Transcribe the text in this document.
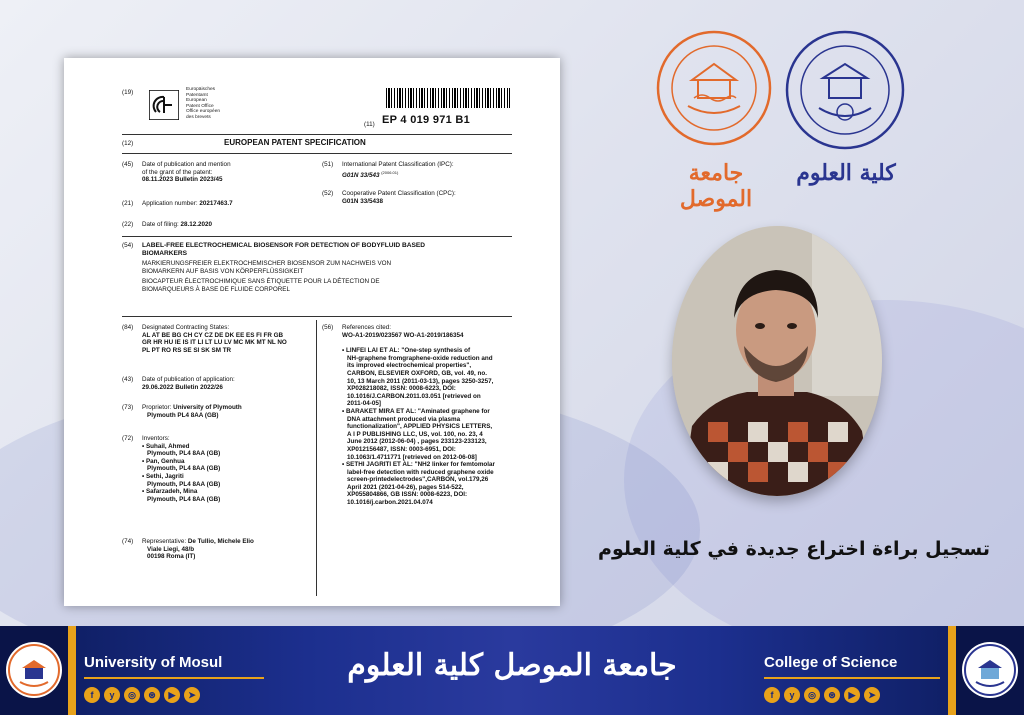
(19)	Europäisches
Patentamt
European
Patent Office
Office européen
des brevets
(11) EP 4 019 971 B1
(12)	EUROPEAN PATENT SPECIFICATION
(45) Date of publication and mention
of the grant of the patent:
08.11.2023 Bulletin 2023/45
(51) International Patent Classification (IPC):
G01N 33/543 $^{(2006.01)}$
(52) Cooperative Patent Classification (CPC):
G01N 33/5438
(21) Application number: 20217463.7
(22) Date of filing: 28.12.2020
(54) LABEL-FREE ELECTROCHEMICAL BIOSENSOR FOR DETECTION OF BODYFLUID BASED
BIOMARKERS
MARKIERUNGSFREIER ELEKTROCHEMISCHER BIOSENSOR ZUM NACHWEIS VON
BIOMARKERN AUF BASIS VON KÖRPERFLÜSSIGKEIT
BIOCAPTEUR ÉLECTROCHIMIQUE SANS ÉTIQUETTE POUR LA DÉTECTION DE
BIOMARQUEURS À BASE DE FLUIDE CORPOREL
(84) Designated Contracting States:
AL AT BE BG CH CY CZ DE DK EE ES FI FR GB
GR HR HU IE IS IT LI LT LU LV MC MK MT NL NO
PL PT RO RS SE SI SK SM TR
(43) Date of publication of application:
29.06.2022 Bulletin 2022/26
(73) Proprietor: University of Plymouth
Plymouth PL4 8AA (GB)
(72) Inventors:
• Suhail, Ahmed
Plymouth, PL4 8AA (GB)
• Pan, Genhua
Plymouth, PL4 8AA (GB)
• Sethi, Jagriti
Plymouth, PL4 8AA (GB)
• Safarzadeh, Mina
Plymouth, PL4 8AA (GB)
(74) Representative: De Tullio, Michele Elio
Viale Liegi, 48/b
00198 Roma (IT)
(56) References cited:
WO-A1-2019/023567 WO-A1-2019/186354
• LINFEI LAI ET AL: "One-step synthesis of
NH-graphene fromgraphene-oxide reduction and
its improved electrochemical properties",
CARBON, ELSEVIER OXFORD, GB, vol. 49, no.
10, 13 March 2011 (2011-03-13), pages 3250-3257,
XP028218082, ISSN: 0008-6223, DOI:
10.1016/J.CARBON.2011.03.051 [retrieved on
2011-04-05]
• BARAKET MIRA ET AL: "Aminated graphene for
DNA attachment produced via plasma
functionalization", APPLIED PHYSICS LETTERS,
A I P PUBLISHING LLC, US, vol. 100, no. 23, 4
June 2012 (2012-06-04) , pages 233123-233123,
XP012156487, ISSN: 0003-6951, DOI:
10.1063/1.4711771 [retrieved on 2012-06-08]
• SETHI JAGRITI ET AL: "NH2 linker for femtomolar
label-free detection with reduced graphene oxide
screen-printedelectrodes",CARBON, vol.179,26
April 2021 (2021-04-26), pages 514-522,
XP055804866, GB ISSN: 0008-6223, DOI:
10.1016/j.carbon.2021.04.074
جامعة الموصل
كلية العلوم
تسجيل براءة اختراع جديدة في كلية العلوم
University of Mosul
f	y	◎	⊛	▶	➤
جامعة الموصل كلية العلوم	College of Science
f	y	◎	⊛	▶	➤
